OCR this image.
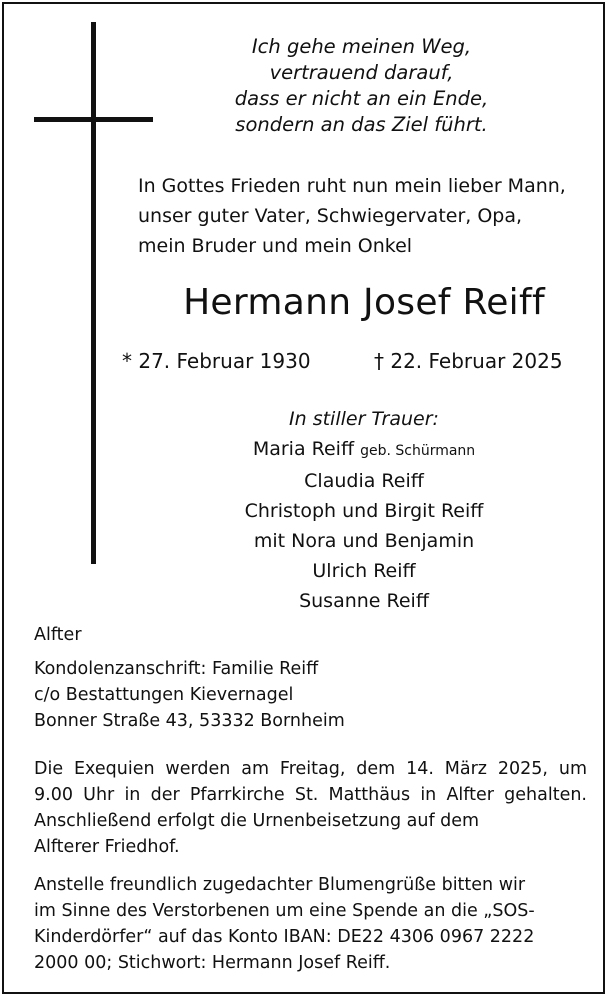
Ich gehe meinen Weg,
vertrauend darauf,
dass er nicht an ein Ende,
sondern an das Ziel führt.
In Gottes Frieden ruht nun mein lieber Mann,
unser guter Vater, Schwiegervater, Opa,
mein Bruder und mein Onkel
Hermann Josef Reiff
* 27. Februar 1930	† 22. Februar 2025
In stiller Trauer:
Maria Reiff geb. Schürmann
Claudia Reiff
Christoph und Birgit Reiff
mit Nora und Benjamin
Ulrich Reiff
Susanne Reiff
Alfter
Kondolenzanschrift: Familie Reiff
c/o Bestattungen Kievernagel
Bonner Straße 43, 53332 Bornheim
Die Exequien werden am Freitag, dem 14. März 2025, um
9.00 Uhr in der Pfarrkirche St. Matthäus in Alfter gehalten.
Anschließend erfolgt die Urnenbeisetzung auf dem
Alfterer Friedhof.
Anstelle freundlich zugedachter Blumengrüße bitten wir
im Sinne des Verstorbenen um eine Spende an die „SOS-
Kinderdörfer“ auf das Konto IBAN: DE22 4306 0967 2222
2000 00; Stichwort: Hermann Josef Reiff.
